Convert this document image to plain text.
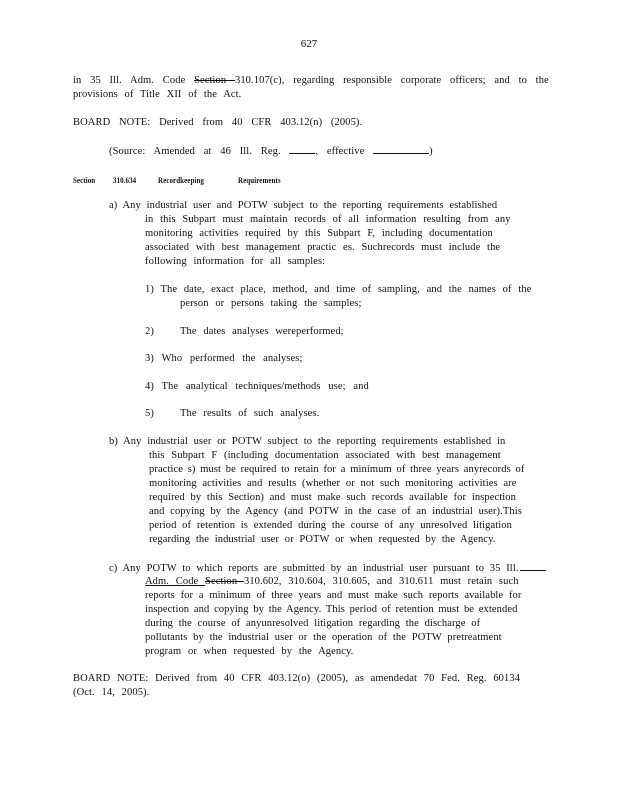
627
in 35 Ill. Adm. Code Section 310.107(c), regarding responsible corporate officers; and to the
provisions of Title XII of the Act.
BOARD NOTE: Derived from 40 CFR 403.12(n) (2005).
(Source: Amended at 46 Ill. Reg.	, effective	)
Section 310.634	Recordkeeping	Requirements
a) Any industrial user and POTW subject to the reporting requirements established
in this Subpart must maintain records of all information resulting from any
monitoring activities required by this Subpart F, including documentation
associated with best management practic es. Suchrecords must include the
following information for all samples:
1) The date, exact place, method, and time of sampling, and the names of the
person or persons taking the samples;
2) The dates analyses wereperformed;
3) Who performed the analyses;
4) The analytical techniques/methods use; and
5) The results of such analyses.
b) Any industrial user or POTW subject to the reporting requirements established in
this Subpart F (including documentation associated with best management
practice s) must be required to retain for a minimum of three years anyrecords of
monitoring activities and results (whether or not such monitoring activities are
required by this Section) and must make such records available for inspection
and copying by the Agency (and POTW in the case of an industrial user).This
period of retention is extended during the course of any unresolved litigation
regarding the industrial user or POTW or when requested by the Agency.
c) Any POTW to which reports are submitted by an industrial user pursuant to 35 Ill.
Adm. Code Section 310.602, 310.604, 310.605, and 310.611 must retain such
reports for a minimum of three years and must make such reports available for
inspection and copying by the Agency. This period of retention must be extended
during the course of anyunresolved litigation regarding the discharge of
pollutants by the industrial user or the operation of the POTW pretreatment
program or when requested by the Agency.
BOARD NOTE: Derived from 40 CFR 403.12(o) (2005), as amendedat 70 Fed. Reg. 60134
(Oct. 14, 2005).
